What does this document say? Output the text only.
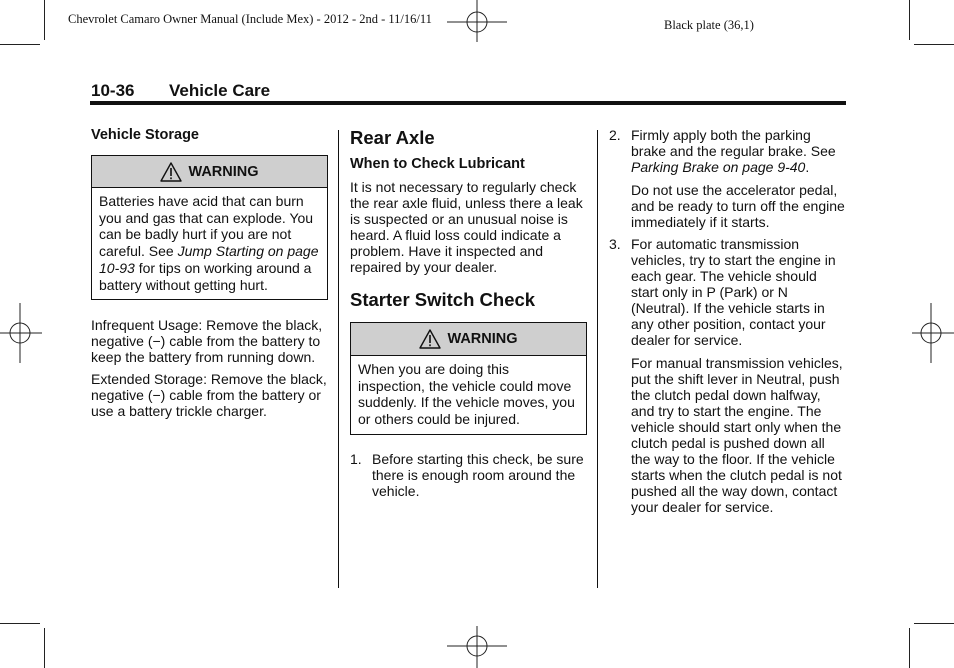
Chevrolet Camaro Owner Manual (Include Mex) - 2012 - 2nd - 11/16/11	Black plate (36,1)
10-36 Vehicle Care

Vehicle Storage

WARNING
Batteries have acid that can burn you and gas that can explode. You can be badly hurt if you are not careful. See Jump Starting on page 10-93 for tips on working around a battery without getting hurt.

Infrequent Usage: Remove the black, negative (−) cable from the battery to keep the battery from running down.

Extended Storage: Remove the black, negative (−) cable from the battery or use a battery trickle charger.

Rear Axle

When to Check Lubricant

It is not necessary to regularly check the rear axle fluid, unless there a leak is suspected or an unusual noise is heard. A fluid loss could indicate a problem. Have it inspected and repaired by your dealer.

Starter Switch Check

WARNING
When you are doing this inspection, the vehicle could move suddenly. If the vehicle moves, you or others could be injured.
1. Before starting this check, be sure there is enough room around the vehicle.

2. Firmly apply both the parking brake and the regular brake. See Parking Brake on page 9-40.

Do not use the accelerator pedal, and be ready to turn off the engine immediately if it starts.

3. For automatic transmission vehicles, try to start the engine in each gear. The vehicle should start only in P (Park) or N (Neutral). If the vehicle starts in any other position, contact your dealer for service.

For manual transmission vehicles, put the shift lever in Neutral, push the clutch pedal down halfway, and try to start the engine. The vehicle should start only when the clutch pedal is pushed down all the way to the floor. If the vehicle starts when the clutch pedal is not pushed all the way down, contact your dealer for service.
